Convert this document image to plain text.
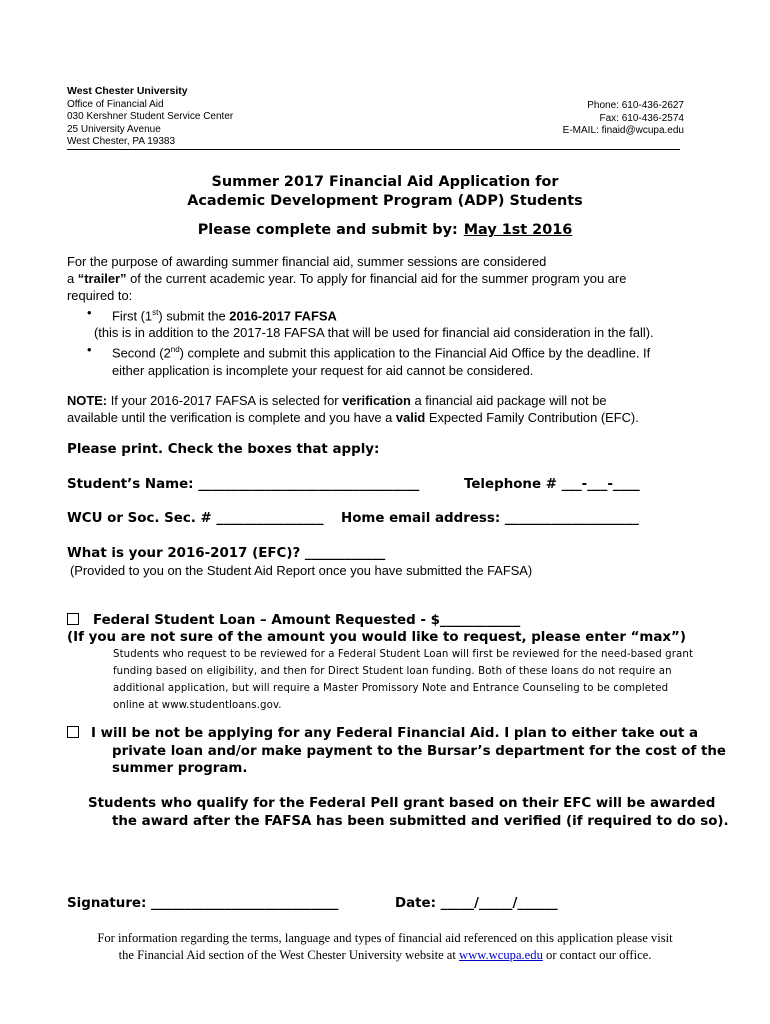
West Chester University
Office of Financial Aid
030 Kershner Student Service Center
25 University Avenue
West Chester, PA 19383
Phone: 610-436-2627
Fax: 610-436-2574
E-MAIL: finaid@wcupa.edu
Summer 2017 Financial Aid Application for
Academic Development Program (ADP) Students
Please complete and submit by: May 1st 2016
For the purpose of awarding summer financial aid, summer sessions are considered
a “trailer” of the current academic year. To apply for financial aid for the summer program you are
required to:
• First (1st) submit the 2016-2017 FAFSA
(this is in addition to the 2017-18 FAFSA that will be used for financial aid consideration in the fall).
• Second (2nd) complete and submit this application to the Financial Aid Office by the deadline. If
either application is incomplete your request for aid cannot be considered.
NOTE: If your 2016-2017 FAFSA is selected for verification a financial aid package will not be
available until the verification is complete and you have a valid Expected Family Contribution (EFC).
Please print. Check the boxes that apply:
Student’s Name: _________________________________	Telephone # ___-___-____
WCU or Soc. Sec. # ________________ Home email address: ____________________
What is your 2016-2017 (EFC)? ____________
(Provided to you on the Student Aid Report once you have submitted the FAFSA)
Federal Student Loan – Amount Requested - $____________
(If you are not sure of the amount you would like to request, please enter “max”)
Students who request to be reviewed for a Federal Student Loan will first be reviewed for the need-based grant funding based on eligibility, and then for Direct Student loan funding. Both of these loans do not require an additional application, but will require a Master Promissory Note and Entrance Counseling to be completed online at www.studentloans.gov.
I will be not be applying for any Federal Financial Aid. I plan to either take out a private loan and/or make payment to the Bursar’s department for the cost of the summer program.
Students who qualify for the Federal Pell grant based on their EFC will be awarded the award after the FAFSA has been submitted and verified (if required to do so).
Signature: ____________________________	Date: _____/_____/______
For information regarding the terms, language and types of financial aid referenced on this application please visit
the Financial Aid section of the West Chester University website at www.wcupa.edu or contact our office.
